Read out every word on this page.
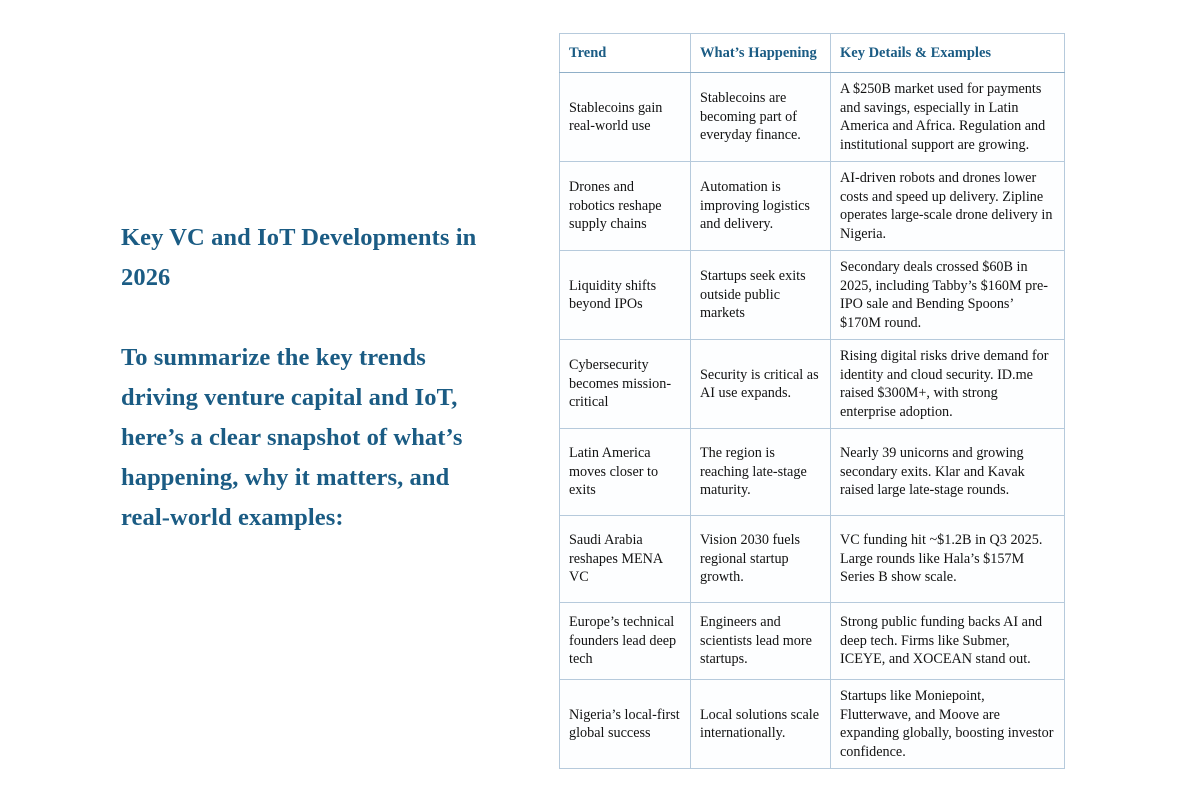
Key VC and IoT Developments in 2026

To summarize the key trends driving venture capital and IoT, here’s a clear snapshot of what’s happening, why it matters, and real-world examples:

Trend	What’s Happening	Key Details & Examples
Stablecoins gain real-world use	Stablecoins are becoming part of everyday finance.	A $250B market used for payments and savings, especially in Latin America and Africa. Regulation and institutional support are growing.
Drones and robotics reshape supply chains	Automation is improving logistics and delivery.	AI-driven robots and drones lower costs and speed up delivery. Zipline operates large-scale drone delivery in Nigeria.
Liquidity shifts beyond IPOs	Startups seek exits outside public markets	Secondary deals crossed $60B in 2025, including Tabby’s $160M pre-IPO sale and Bending Spoons’ $170M round.
Cybersecurity becomes mission-critical	Security is critical as AI use expands.	Rising digital risks drive demand for identity and cloud security. ID.me raised $300M+, with strong enterprise adoption.
Latin America moves closer to exits	The region is reaching late-stage maturity.	Nearly 39 unicorns and growing secondary exits. Klar and Kavak raised large late-stage rounds.
Saudi Arabia reshapes MENA VC	Vision 2030 fuels regional startup growth.	VC funding hit ~$1.2B in Q3 2025. Large rounds like Hala’s $157M Series B show scale.
Europe’s technical founders lead deep tech	Engineers and scientists lead more startups.	Strong public funding backs AI and deep tech. Firms like Submer, ICEYE, and XOCEAN stand out.
Nigeria’s local-first global success	Local solutions scale internationally.	Startups like Moniepoint, Flutterwave, and Moove are expanding globally, boosting investor confidence.
